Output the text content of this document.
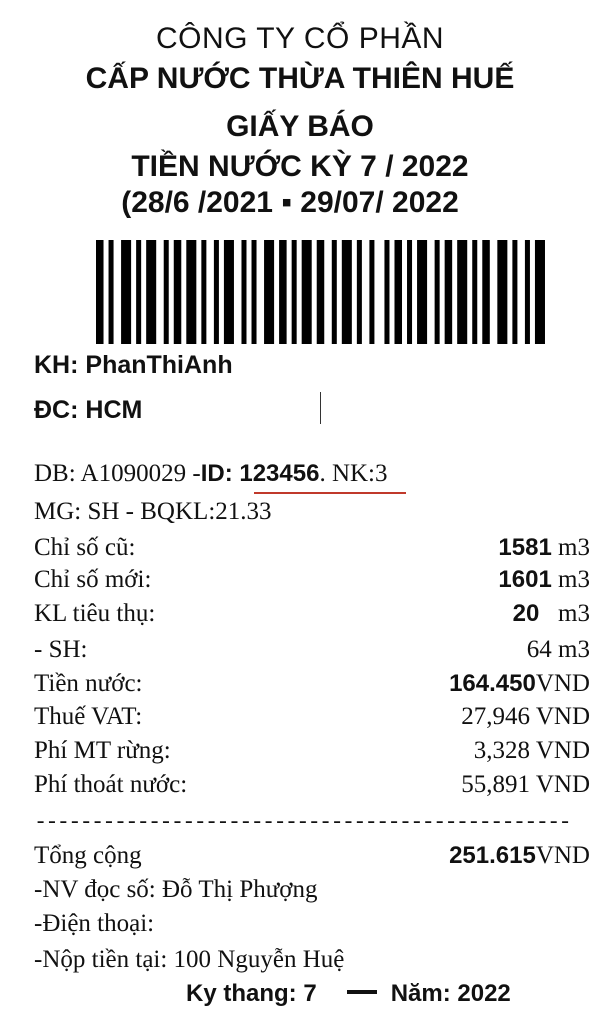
CÔNG TY CỔ PHẦN
CẤP NƯỚC THỪA THIÊN HUẾ
GIẤY BÁO
TIỀN NƯỚC KỲ 7 / 2022
(28/6 /2021 ▪ 29/07/ 2022
KH: PhanThiAnh
ĐC: HCM
DB: A1090029 -ID: 123456. NK:3
MG: SH - BQKL:21.33
Chỉ số cũ:	1581 m3
Chỉ số mới:	1601 m3
KL tiêu thụ:	20 m3
- SH:	64 m3
Tiền nước:	164.450VND
Thuế VAT:	27,946 VND
Phí MT rừng:	3,328 VND
Phí thoát nước:	55,891 VND
-----------------------------------------------
Tổng cộng	251.615VND
-NV đọc số: Đỗ Thị Phượng
-Điện thoại:
-Nộp tiền tại: 100 Nguyễn Huệ
Ky thang: 7	Năm: 2022
